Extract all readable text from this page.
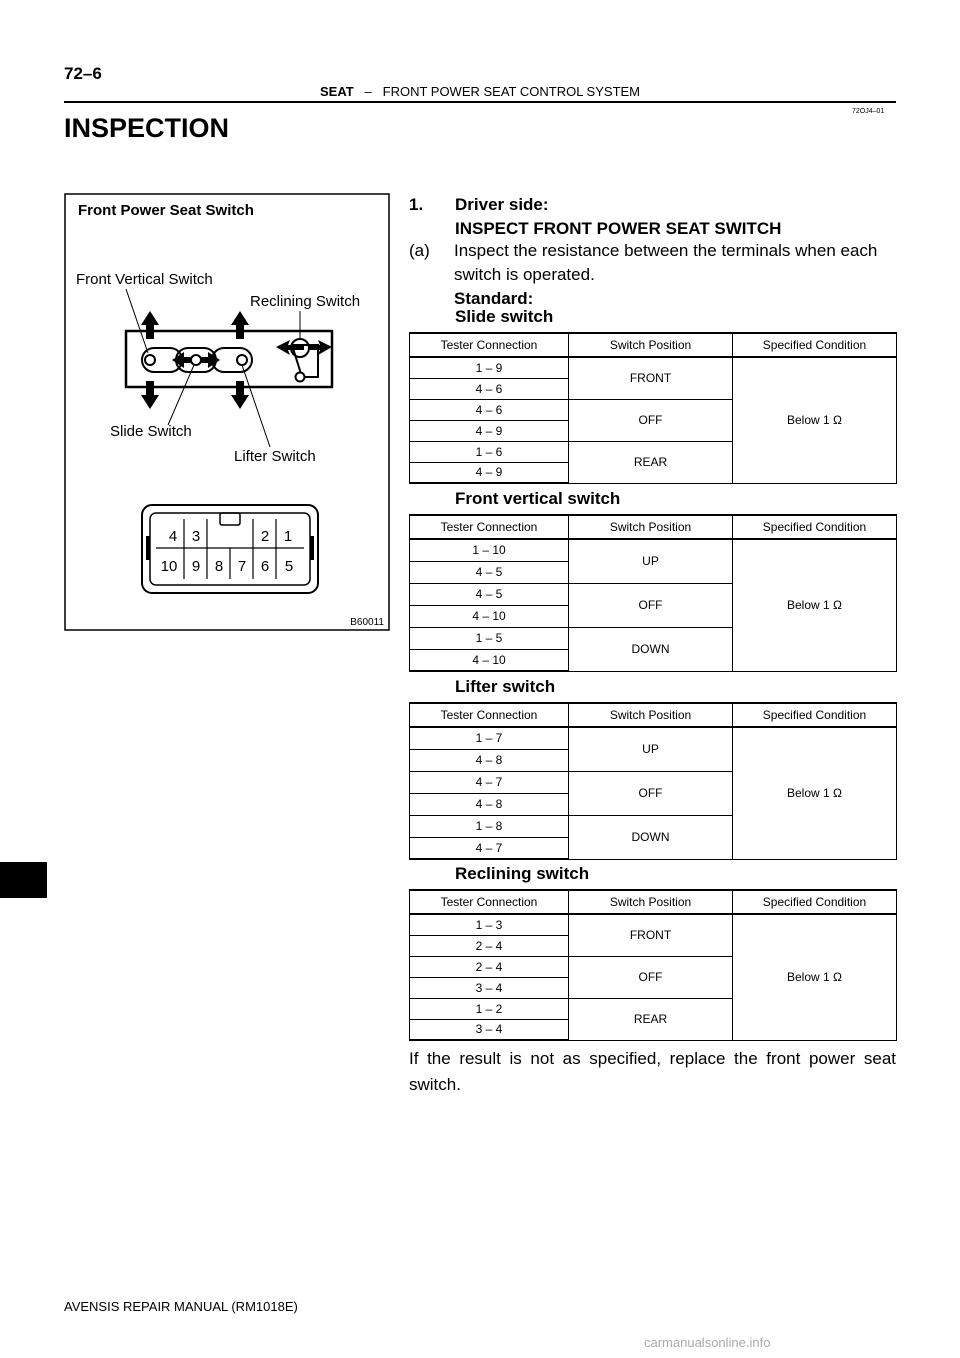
72–6
SEAT – FRONT POWER SEAT CONTROL SYSTEM
72OJ4–01
INSPECTION
Front Power Seat Switch
Front Vertical Switch
Reclining Switch
Slide Switch
Lifter Switch
4 3	2 1
10 9 8 7 6 5
B60011
1. Driver side:
INSPECT FRONT POWER SEAT SWITCH
(a) Inspect the resistance between the terminals when each switch is operated.
Standard:
Slide switch
Tester Connection	Switch Position	Specified Condition
1 – 9	FRONT	Below 1 Ω
4 – 6		
4 – 6	OFF	
4 – 9		
1 – 6	REAR	
4 – 9		
Front vertical switch
Tester Connection	Switch Position	Specified Condition
1 – 10	UP	Below 1 Ω
4 – 5		
4 – 5	OFF	
4 – 10		
1 – 5	DOWN	
4 – 10		
Lifter switch
Tester Connection	Switch Position	Specified Condition
1 – 7	UP	Below 1 Ω
4 – 8		
4 – 7	OFF	
4 – 8		
1 – 8	DOWN	
4 – 7		
Reclining switch
Tester Connection	Switch Position	Specified Condition
1 – 3	FRONT	Below 1 Ω
2 – 4		
2 – 4	OFF	
3 – 4		
1 – 2	REAR	
3 – 4		
If the result is not as specified, replace the front power seat switch.
AVENSIS REPAIR MANUAL (RM1018E)
carmanualsonline.info
